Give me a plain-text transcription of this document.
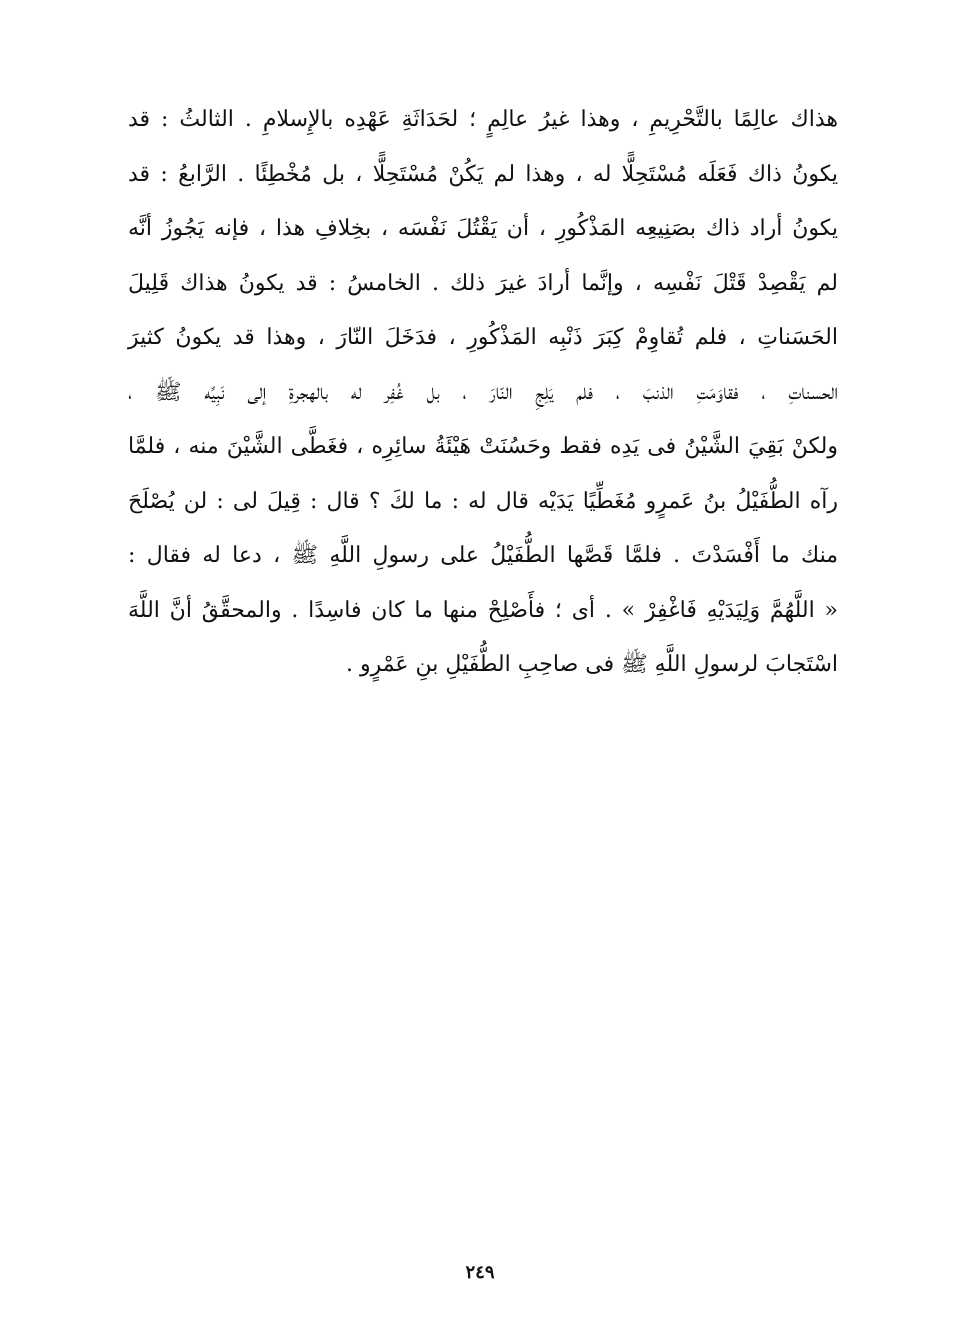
هذاك عالِمًا بالتَّحْرِيمِ ، وهذا غيرُ عالِمٍ ؛ لحَدَاثَةِ عَهْدِه بالإِسلامِ . الثالثُ : قد
يكونُ ذاك فَعَلَه مُسْتَحِلًّا له ، وهذا لم يَكُنْ مُسْتَحِلًّا ، بل مُخْطِئًا . الرَّابعُ : قد
يكونُ أراد ذاك بصَنِيعِه المَذْكُورِ ، أن يَقْتُلَ نَفْسَه ، بخِلافِ هذا ، فإنه يَجُوزُ أنَّه
لم يَقْصِدْ قَتْلَ نَفْسِه ، وإنَّما أرادَ غيرَ ذلك . الخامسُ : قد يكونُ هذاك قَلِيلَ
الحَسَناتِ ، فلم تُقاوِمْ كِبَرَ ذَنْبِه المَذْكُورِ ، فدَخَلَ النّارَ ، وهذا قد يكونُ كثيرَ
الحسناتِ ، فقاوَمَتِ الذنبَ ، فلم يَلِجِ النّارَ ، بل غُفِر له بالهجرةِ إلى نَبِيِّه ﷺ ،
ولكنْ بَقِيَ الشَّيْنُ فى يَدِه فقط وحَسُنَتْ هَيْئَةُ سائِرِه ، فغَطَّى الشَّيْنَ منه ، فلمَّا
رآه الطُّفَيْلُ بنُ عَمرٍو مُغَطِّيًا يَدَيْه قال له : ما لكَ ؟ قال : قِيلَ لى : لن يُصْلَحَ
منك ما أَفْسَدْتَ . فلمَّا قَصَّها الطُّفَيْلُ على رسولِ اللَّهِ ﷺ ، دعا له فقال :
« اللَّهُمَّ وَلِيَدَيْهِ فَاغْفِرْ » . أى ؛ فأَصْلِحْ منها ما كان فاسِدًا . والمحقَّقُ أنَّ اللَّهَ
اسْتَجابَ لرسولِ اللَّهِ ﷺ فى صاحِبِ الطُّفَيْلِ بنِ عَمْرٍو .
٢٤٩
